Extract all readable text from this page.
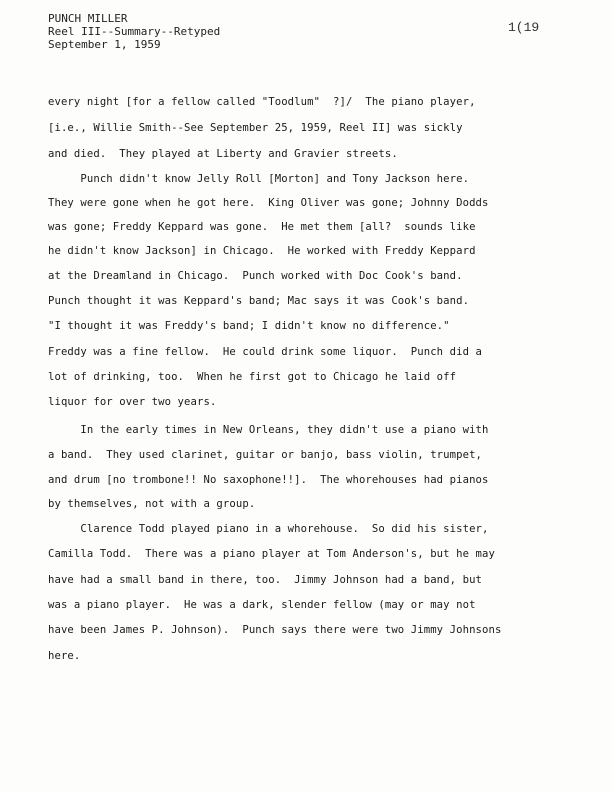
PUNCH MILLER
Reel III--Summary--Retyped
September 1, 1959
1(19
every night [for a fellow called "Toodlum"  ?]/  The piano player,
[i.e., Willie Smith--See September 25, 1959, Reel II] was sickly
and died.  They played at Liberty and Gravier streets.
Punch didn't know Jelly Roll [Morton] and Tony Jackson here.
They were gone when he got here.  King Oliver was gone; Johnny Dodds
was gone; Freddy Keppard was gone.  He met them [all?  sounds like
he didn't know Jackson] in Chicago.  He worked with Freddy Keppard
at the Dreamland in Chicago.  Punch worked with Doc Cook's band.
Punch thought it was Keppard's band; Mac says it was Cook's band.
"I thought it was Freddy's band; I didn't know no difference."
Freddy was a fine fellow.  He could drink some liquor.  Punch did a
lot of drinking, too.  When he first got to Chicago he laid off
liquor for over two years.
In the early times in New Orleans, they didn't use a piano with
a band.  They used clarinet, guitar or banjo, bass violin, trumpet,
and drum [no trombone!! No saxophone!!].  The whorehouses had pianos
by themselves, not with a group.
Clarence Todd played piano in a whorehouse.  So did his sister,
Camilla Todd.  There was a piano player at Tom Anderson's, but he may
have had a small band in there, too.  Jimmy Johnson had a band, but
was a piano player.  He was a dark, slender fellow (may or may not
have been James P. Johnson).  Punch says there were two Jimmy Johnsons
here.
